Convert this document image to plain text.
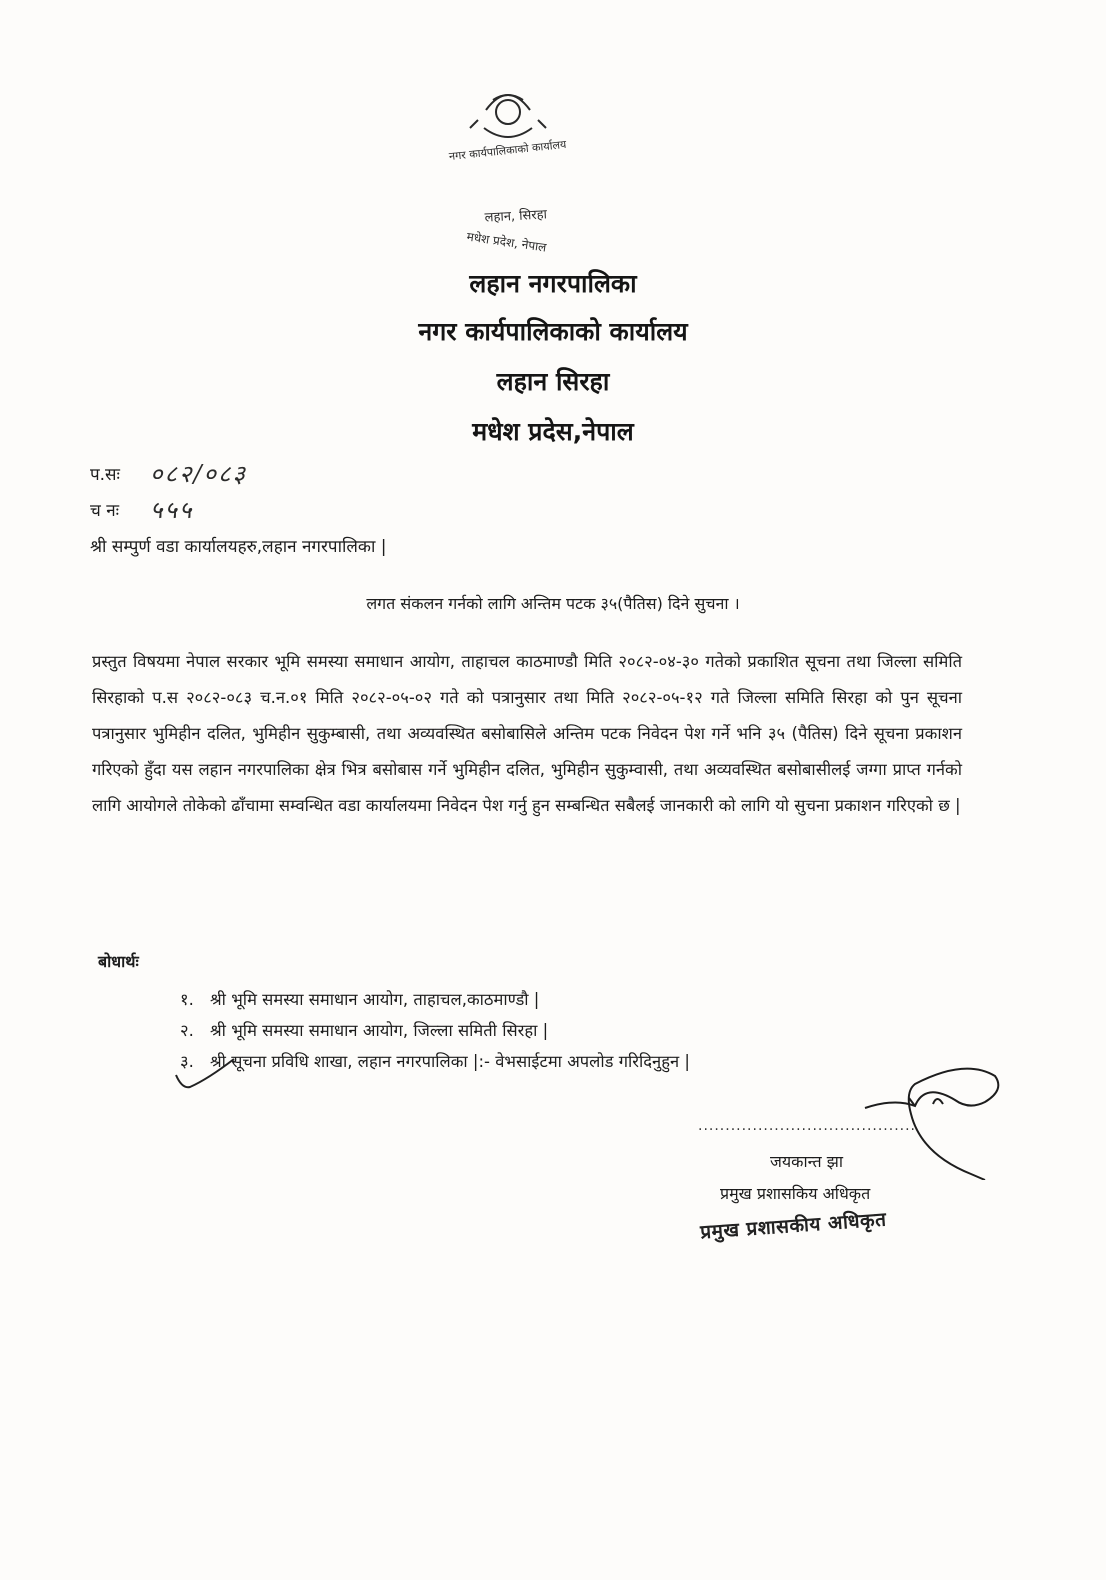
नगर कार्यपालिकाको कार्यालय
लहान, सिरहा
मधेश प्रदेश, नेपाल
लहान नगरपालिका
नगर कार्यपालिकाको कार्यालय
लहान सिरहा
मधेश प्रदेस,नेपाल
प.सः	०८२/०८३
च नः	५५५
श्री सम्पुर्ण वडा कार्यालयहरु,लहान नगरपालिका |
लगत संकलन गर्नको लागि अन्तिम पटक ३५(पैतिस) दिने सुचना ।
प्रस्तुत विषयमा नेपाल सरकार भूमि समस्या समाधान आयोग, ताहाचल काठमाण्डौ मिति २०८२-०४-३० गतेको प्रकाशित सूचना तथा जिल्ला समिति सिरहाको प.स २०८२-०८३ च.न.०१ मिति २०८२-०५-०२ गते को पत्रानुसार तथा मिति २०८२-०५-१२ गते जिल्ला समिति सिरहा को पुन सूचना पत्रानुसार भुमिहीन दलित, भुमिहीन सुकुम्बासी, तथा अव्यवस्थित बसोबासिले अन्तिम पटक निवेदन पेश गर्ने भनि ३५ (पैतिस) दिने सूचना प्रकाशन गरिएको हुँदा यस लहान नगरपालिका क्षेत्र भित्र बसोबास गर्ने भुमिहीन दलित, भुमिहीन सुकुम्वासी, तथा अव्यवस्थित बसोबासीलई जग्गा प्राप्त गर्नको लागि आयोगले तोकेको ढाँचामा सम्वन्धित वडा कार्यालयमा निवेदन पेश गर्नु हुन सम्बन्धित सबैलई जानकारी को लागि यो सुचना प्रकाशन गरिएको छ |
बोधार्थः
१. श्री भूमि समस्या समाधान आयोग, ताहाचल,काठमाण्डौ |
२. श्री भूमि समस्या समाधान आयोग, जिल्ला समिती सिरहा |
३. श्री सूचना प्रविधि शाखा, लहान नगरपालिका |:- वेभसाईटमा अपलोड गरिदिनुहुन |
........................................
जयकान्त झा
प्रमुख प्रशासकिय अधिकृत
प्रमुख प्रशासकीय अधिकृत
